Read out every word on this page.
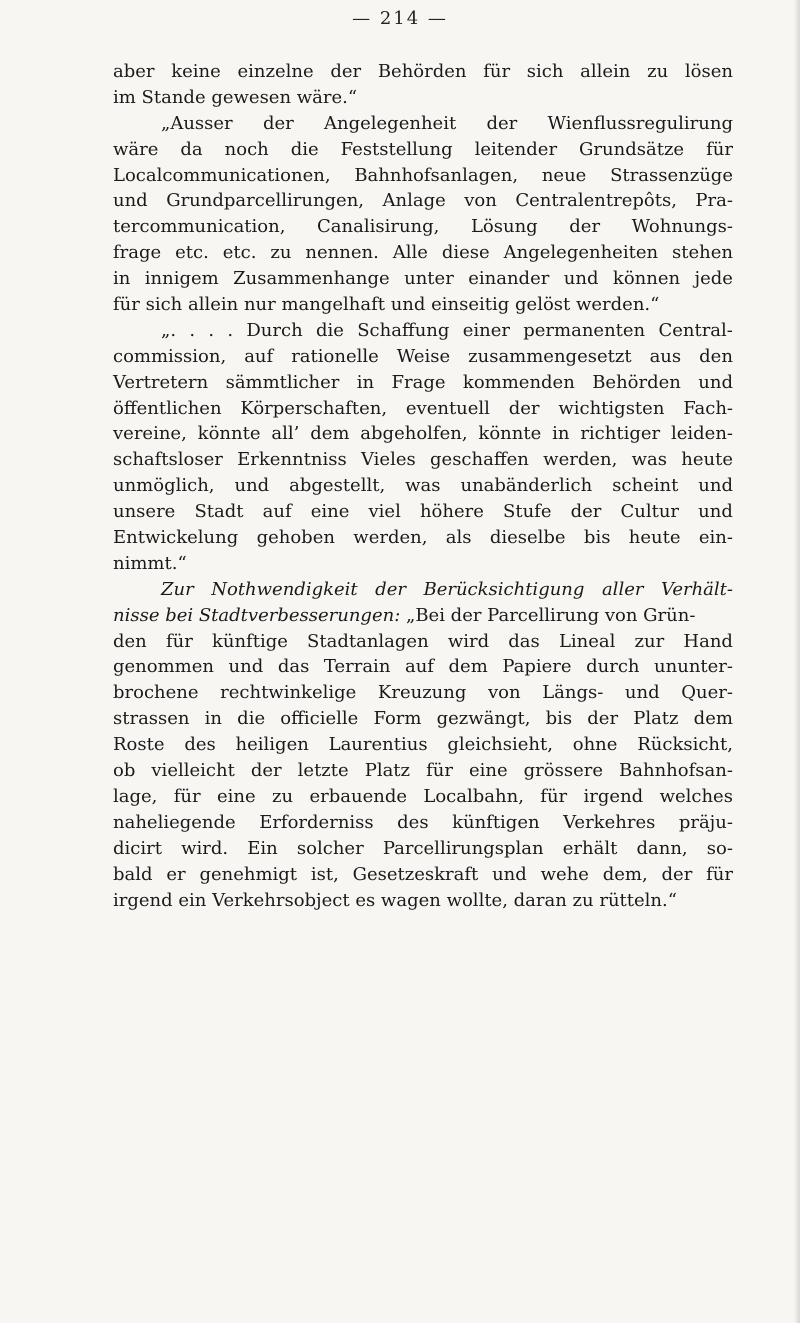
— 214 —
aber keine einzelne der Behörden für sich allein zu lösen
im Stande gewesen wäre.“
„Ausser der Angelegenheit der Wienflussregulirung
wäre da noch die Feststellung leitender Grundsätze für
Localcommunicationen, Bahnhofsanlagen, neue Strassenzüge
und Grundparcellirungen, Anlage von Centralentrepôts, Pra-
tercommunication, Canalisirung, Lösung der Wohnungs-
frage etc. etc. zu nennen. Alle diese Angelegenheiten stehen
in innigem Zusammenhange unter einander und können jede
für sich allein nur mangelhaft und einseitig gelöst werden.“
„. . . . Durch die Schaffung einer permanenten Central-
commission, auf rationelle Weise zusammengesetzt aus den
Vertretern sämmtlicher in Frage kommenden Behörden und
öffentlichen Körperschaften, eventuell der wichtigsten Fach-
vereine, könnte all’ dem abgeholfen, könnte in richtiger leiden-
schaftsloser Erkenntniss Vieles geschaffen werden, was heute
unmöglich, und abgestellt, was unabänderlich scheint und
unsere Stadt auf eine viel höhere Stufe der Cultur und
Entwickelung gehoben werden, als dieselbe bis heute ein-
nimmt.“
Zur Nothwendigkeit der Berücksichtigung aller Verhält-
nisse bei Stadtverbesserungen: „Bei der Parcellirung von Grün-
den für künftige Stadtanlagen wird das Lineal zur Hand
genommen und das Terrain auf dem Papiere durch ununter-
brochene rechtwinkelige Kreuzung von Längs- und Quer-
strassen in die officielle Form gezwängt, bis der Platz dem
Roste des heiligen Laurentius gleichsieht, ohne Rücksicht,
ob vielleicht der letzte Platz für eine grössere Bahnhofsan-
lage, für eine zu erbauende Localbahn, für irgend welches
naheliegende Erforderniss des künftigen Verkehres präju-
dicirt wird. Ein solcher Parcellirungsplan erhält dann, so-
bald er genehmigt ist, Gesetzeskraft und wehe dem, der für
irgend ein Verkehrsobject es wagen wollte, daran zu rütteln.“
